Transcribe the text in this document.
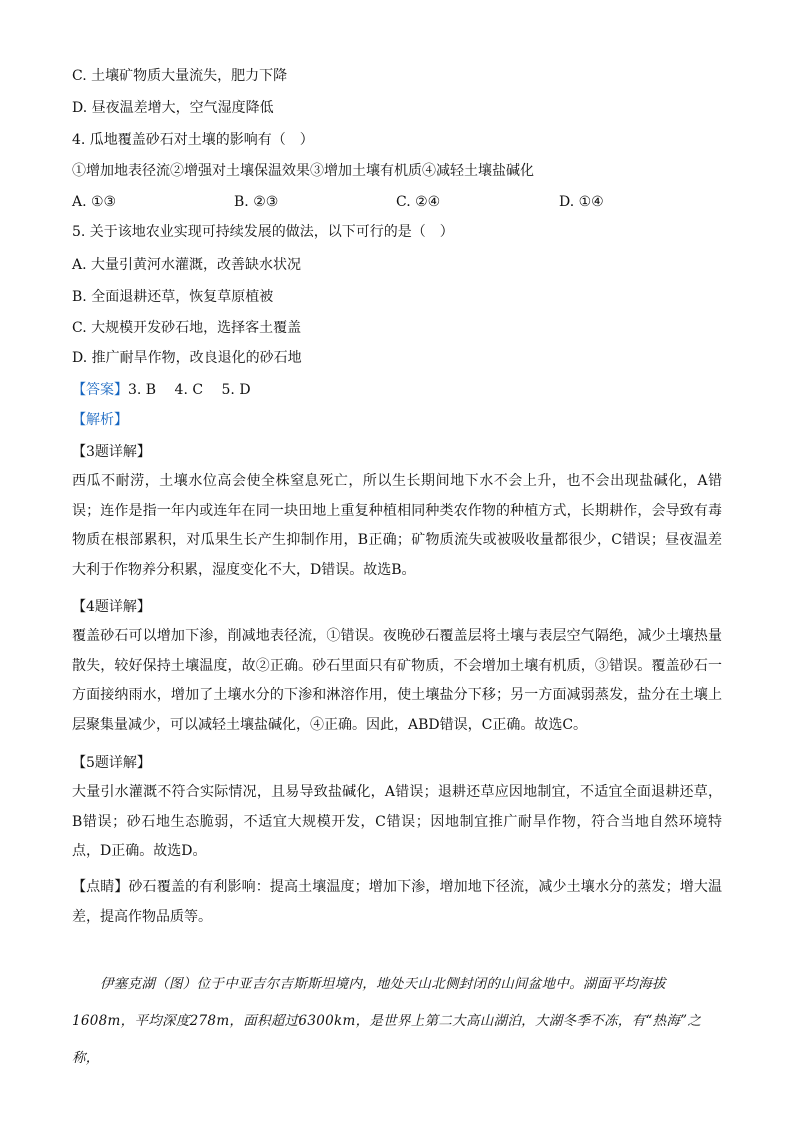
C. 土壤矿物质大量流失，肥力下降
D. 昼夜温差增大，空气湿度降低
4. 瓜地覆盖砂石对土壤的影响有（　）
①增加地表径流②增强对土壤保温效果③增加土壤有机质④减轻土壤盐碱化
A. ①③	B. ②③	C. ②④	D. ①④
5. 关于该地农业实现可持续发展的做法，以下可行的是（　）
A. 大量引黄河水灌溉，改善缺水状况
B. 全面退耕还草，恢复草原植被
C. 大规模开发砂石地，选择客土覆盖
D. 推广耐旱作物，改良退化的砂石地
【答案】3. B　 4. C　 5. D
【解析】
【3题详解】

西瓜不耐涝，土壤水位高会使全株窒息死亡，所以生长期间地下水不会上升，也不会出现盐碱化，A错误；连作是指一年内或连年在同一块田地上重复种植相同种类农作物的种植方式，长期耕作，会导致有毒物质在根部累积，对瓜果生长产生抑制作用，B正确；矿物质流失或被吸收量都很少，C错误；昼夜温差大利于作物养分积累，湿度变化不大，D错误。故选B。

【4题详解】

覆盖砂石可以增加下渗，削减地表径流，①错误。夜晚砂石覆盖层将土壤与表层空气隔绝，减少土壤热量散失，较好保持土壤温度，故②正确。砂石里面只有矿物质，不会增加土壤有机质，③错误。覆盖砂石一方面接纳雨水，增加了土壤水分的下渗和淋溶作用，使土壤盐分下移；另一方面减弱蒸发，盐分在土壤上层聚集量减少，可以减轻土壤盐碱化，④正确。因此，ABD错误，C正确。故选C。

【5题详解】

大量引水灌溉不符合实际情况，且易导致盐碱化，A错误；退耕还草应因地制宜，不适宜全面退耕还草，B错误；砂石地生态脆弱，不适宜大规模开发，C错误；因地制宜推广耐旱作物，符合当地自然环境特点，D正确。故选D。

【点睛】砂石覆盖的有利影响：提高土壤温度；增加下渗，增加地下径流，减少土壤水分的蒸发；增大温差，提高作物品质等。

伊塞克湖（图）位于中亚吉尔吉斯斯坦境内，地处天山北侧封闭的山间盆地中。湖面平均海拔1608m，平均深度278m，面积超过6300km，是世界上第二大高山湖泊，大湖冬季不冻，有“热海”之称，
